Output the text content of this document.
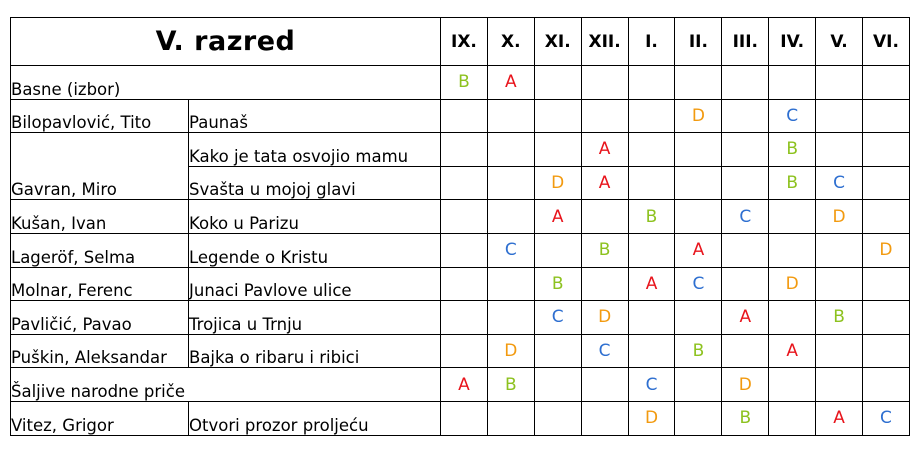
V. razred		IX.	X.	XI.	XII.	I.	II.	III.	IV.	V.	VI.
Basne (izbor)		B	A								
Bilopavlović, Tito	Paunaš						D		C		
Gavran, Miro	Kako je tata osvojio mamu				A				B		
	Svašta u mojoj glavi			D	A				B	C	
Kušan, Ivan	Koko u Parizu			A		B		C		D	
Lageröf, Selma	Legende o Kristu		C		B		A				D
Molnar, Ferenc	Junaci Pavlove ulice			B		A	C		D		
Pavličić, Pavao	Trojica u Trnju			C	D			A		B	
Puškin, Aleksandar	Bajka o ribaru i ribici		D		C		B		A		
Šaljive narodne priče		A	B			C		D			
Vitez, Grigor	Otvori prozor proljeću					D		B		A	C
